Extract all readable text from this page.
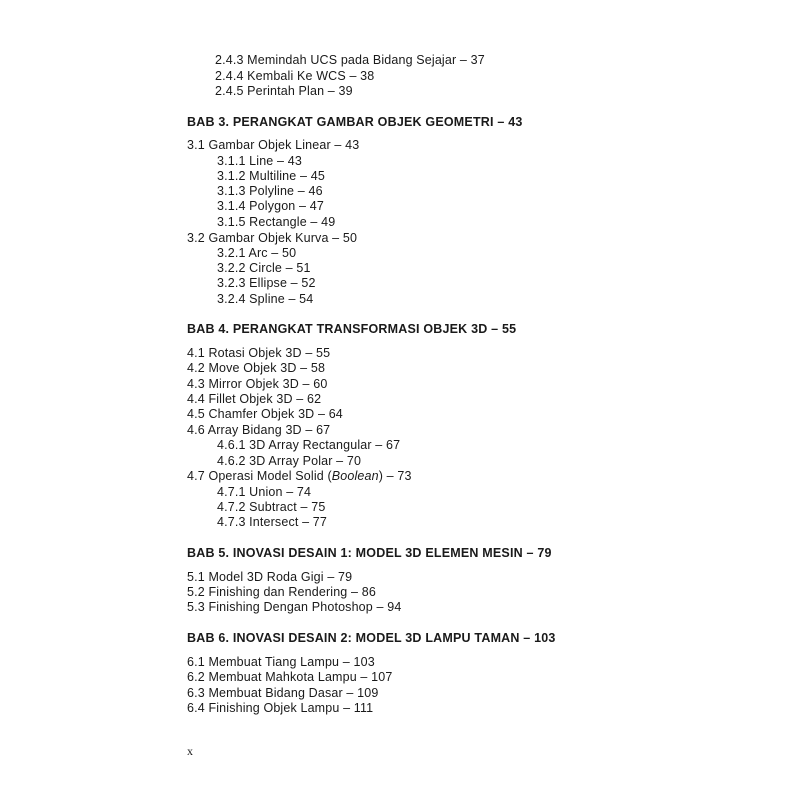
2.4.3 Memindah UCS pada Bidang Sejajar – 37
2.4.4 Kembali Ke WCS – 38
2.4.5 Perintah Plan – 39
BAB 3. PERANGKAT GAMBAR OBJEK GEOMETRI – 43
3.1 Gambar Objek Linear – 43
3.1.1 Line – 43
3.1.2 Multiline – 45
3.1.3 Polyline – 46
3.1.4 Polygon – 47
3.1.5 Rectangle – 49
3.2 Gambar Objek Kurva – 50
3.2.1 Arc – 50
3.2.2 Circle – 51
3.2.3 Ellipse – 52
3.2.4 Spline – 54
BAB 4. PERANGKAT TRANSFORMASI OBJEK 3D – 55
4.1 Rotasi Objek 3D – 55
4.2 Move Objek 3D – 58
4.3 Mirror Objek 3D – 60
4.4 Fillet Objek 3D – 62
4.5 Chamfer Objek 3D – 64
4.6 Array Bidang 3D – 67
4.6.1 3D Array Rectangular – 67
4.6.2 3D Array Polar – 70
4.7 Operasi Model Solid (Boolean) – 73
4.7.1 Union – 74
4.7.2 Subtract – 75
4.7.3 Intersect – 77
BAB 5. INOVASI DESAIN 1: MODEL 3D ELEMEN MESIN – 79
5.1 Model 3D Roda Gigi – 79
5.2 Finishing dan Rendering – 86
5.3 Finishing Dengan Photoshop – 94
BAB 6. INOVASI DESAIN 2: MODEL 3D LAMPU TAMAN – 103
6.1 Membuat Tiang Lampu – 103
6.2 Membuat Mahkota Lampu – 107
6.3 Membuat Bidang Dasar – 109
6.4 Finishing Objek Lampu – 111
x
